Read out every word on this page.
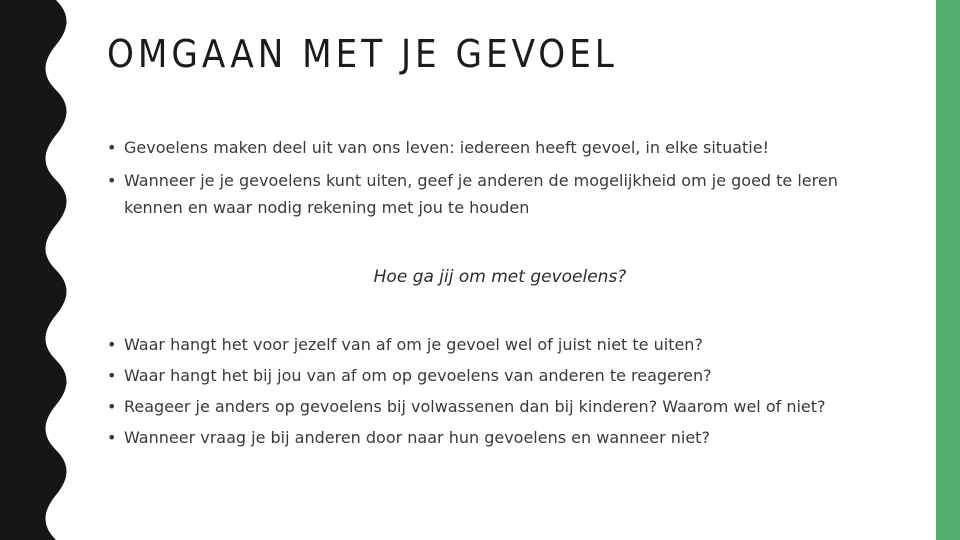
OMGAAN MET JE GEVOEL
• Gevoelens maken deel uit van ons leven: iedereen heeft gevoel, in elke situatie!
• Wanneer je je gevoelens kunt uiten, geef je anderen de mogelijkheid om je goed te leren kennen en waar nodig rekening met jou te houden

Hoe ga jij om met gevoelens?

• Waar hangt het voor jezelf van af om je gevoel wel of juist niet te uiten?
• Waar hangt het bij jou van af om op gevoelens van anderen te reageren?
• Reageer je anders op gevoelens bij volwassenen dan bij kinderen? Waarom wel of niet?
• Wanneer vraag je bij anderen door naar hun gevoelens en wanneer niet?
